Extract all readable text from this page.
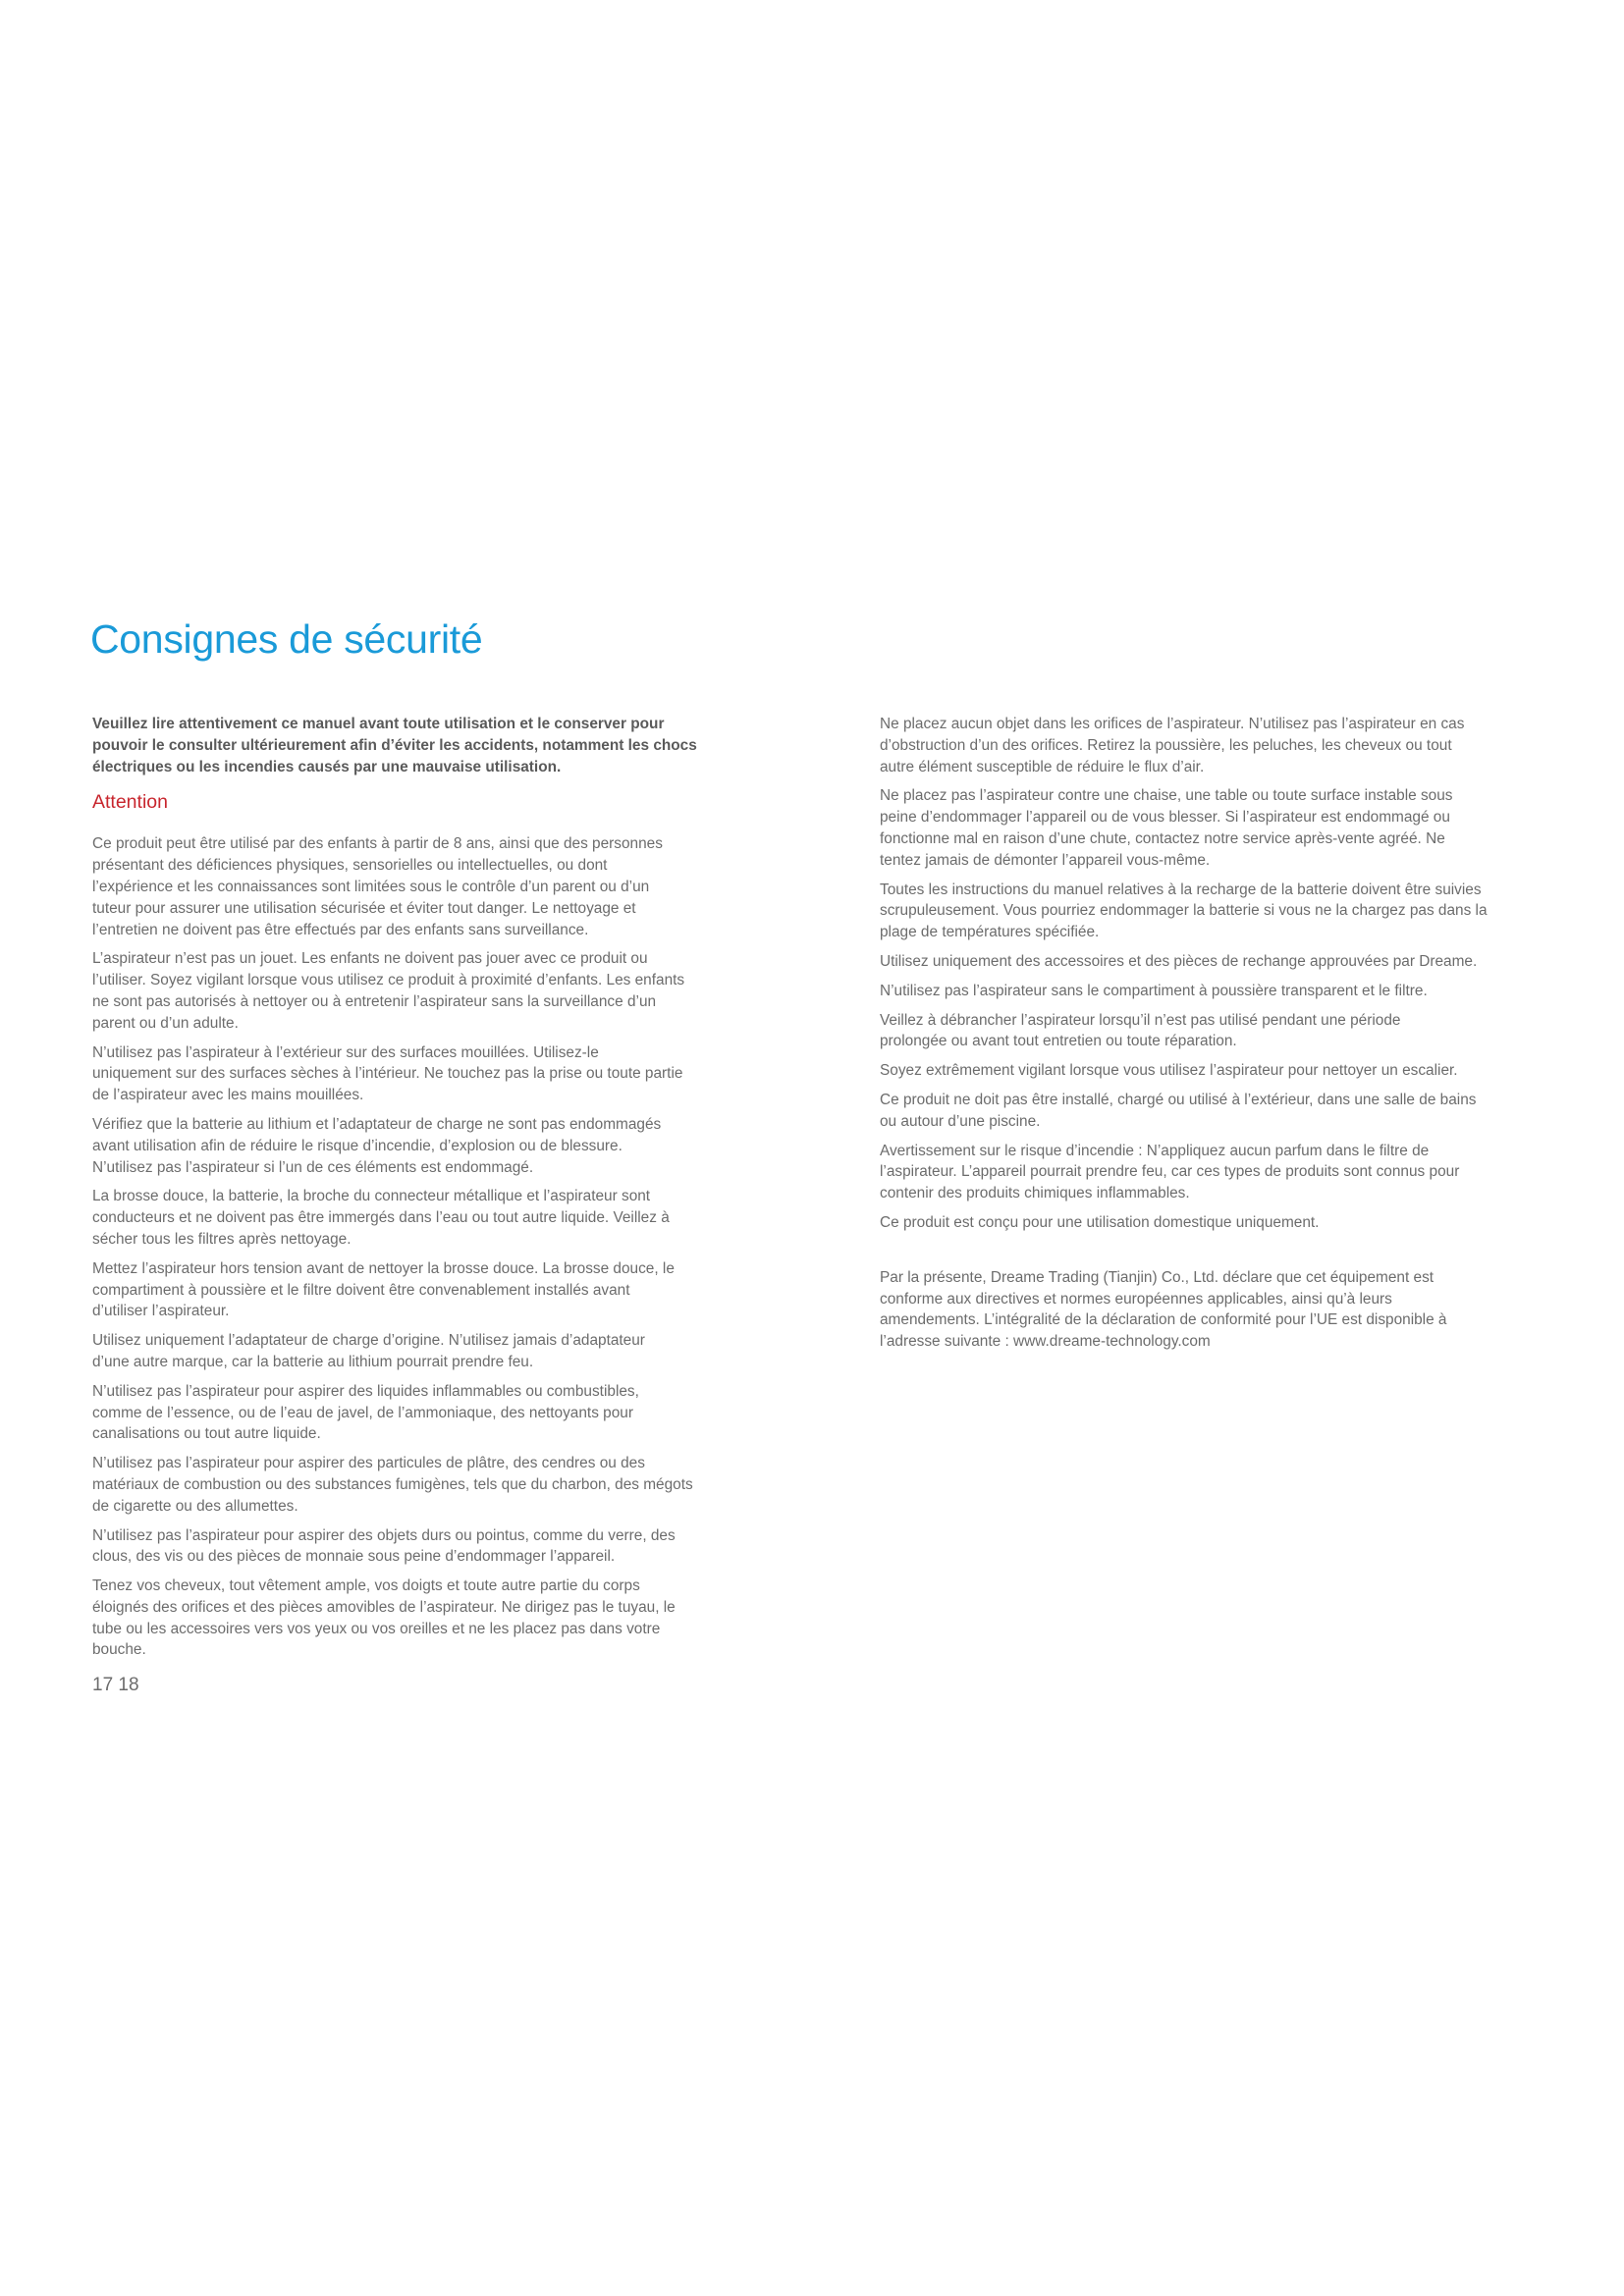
Consignes de sécurité

Veuillez lire attentivement ce manuel avant toute utilisation et le conserver pour
pouvoir le consulter ultérieurement afin d’éviter les accidents, notamment les chocs
électriques ou les incendies causés par une mauvaise utilisation.

Attention

Ce produit peut être utilisé par des enfants à partir de 8 ans, ainsi que des personnes
présentant des déficiences physiques, sensorielles ou intellectuelles, ou dont
l’expérience et les connaissances sont limitées sous le contrôle d’un parent ou d’un
tuteur pour assurer une utilisation sécurisée et éviter tout danger. Le nettoyage et
l’entretien ne doivent pas être effectués par des enfants sans surveillance.

L’aspirateur n’est pas un jouet. Les enfants ne doivent pas jouer avec ce produit ou
l’utiliser. Soyez vigilant lorsque vous utilisez ce produit à proximité d’enfants. Les enfants
ne sont pas autorisés à nettoyer ou à entretenir l’aspirateur sans la surveillance d’un
parent ou d’un adulte.

N’utilisez pas l’aspirateur à l’extérieur sur des surfaces mouillées. Utilisez-le
uniquement sur des surfaces sèches à l’intérieur. Ne touchez pas la prise ou toute partie
de l’aspirateur avec les mains mouillées.

Vérifiez que la batterie au lithium et l’adaptateur de charge ne sont pas endommagés
avant utilisation afin de réduire le risque d’incendie, d’explosion ou de blessure.
N’utilisez pas l’aspirateur si l’un de ces éléments est endommagé.

La brosse douce, la batterie, la broche du connecteur métallique et l’aspirateur sont
conducteurs et ne doivent pas être immergés dans l’eau ou tout autre liquide. Veillez à
sécher tous les filtres après nettoyage.

Mettez l’aspirateur hors tension avant de nettoyer la brosse douce. La brosse douce, le
compartiment à poussière et le filtre doivent être convenablement installés avant
d’utiliser l’aspirateur.

Utilisez uniquement l’adaptateur de charge d’origine. N’utilisez jamais d’adaptateur
d’une autre marque, car la batterie au lithium pourrait prendre feu.

N’utilisez pas l’aspirateur pour aspirer des liquides inflammables ou combustibles,
comme de l’essence, ou de l’eau de javel, de l’ammoniaque, des nettoyants pour
canalisations ou tout autre liquide.

N’utilisez pas l’aspirateur pour aspirer des particules de plâtre, des cendres ou des
matériaux de combustion ou des substances fumigènes, tels que du charbon, des mégots
de cigarette ou des allumettes.

N’utilisez pas l’aspirateur pour aspirer des objets durs ou pointus, comme du verre, des
clous, des vis ou des pièces de monnaie sous peine d’endommager l’appareil.

Tenez vos cheveux, tout vêtement ample, vos doigts et toute autre partie du corps
éloignés des orifices et des pièces amovibles de l’aspirateur. Ne dirigez pas le tuyau, le
tube ou les accessoires vers vos yeux ou vos oreilles et ne les placez pas dans votre
bouche.

Ne placez aucun objet dans les orifices de l’aspirateur. N’utilisez pas l’aspirateur en cas
d’obstruction d’un des orifices. Retirez la poussière, les peluches, les cheveux ou tout
autre élément susceptible de réduire le flux d’air.

Ne placez pas l’aspirateur contre une chaise, une table ou toute surface instable sous
peine d’endommager l’appareil ou de vous blesser. Si l’aspirateur est endommagé ou
fonctionne mal en raison d’une chute, contactez notre service après-vente agréé. Ne
tentez jamais de démonter l’appareil vous-même.

Toutes les instructions du manuel relatives à la recharge de la batterie doivent être suivies
scrupuleusement. Vous pourriez endommager la batterie si vous ne la chargez pas dans la
plage de températures spécifiée.

Utilisez uniquement des accessoires et des pièces de rechange approuvées par Dreame.

N’utilisez pas l’aspirateur sans le compartiment à poussière transparent et le filtre.

Veillez à débrancher l’aspirateur lorsqu’il n’est pas utilisé pendant une période
prolongée ou avant tout entretien ou toute réparation.

Soyez extrêmement vigilant lorsque vous utilisez l’aspirateur pour nettoyer un escalier.

Ce produit ne doit pas être installé, chargé ou utilisé à l’extérieur, dans une salle de bains
ou autour d’une piscine.

Avertissement sur le risque d’incendie : N’appliquez aucun parfum dans le filtre de
l’aspirateur. L’appareil pourrait prendre feu, car ces types de produits sont connus pour
contenir des produits chimiques inflammables.

Ce produit est conçu pour une utilisation domestique uniquement.

Par la présente, Dreame Trading (Tianjin) Co., Ltd. déclare que cet équipement est
conforme aux directives et normes européennes applicables, ainsi qu’à leurs
amendements. L’intégralité de la déclaration de conformité pour l’UE est disponible à
l’adresse suivante : www.dreame-technology.com

17 18
